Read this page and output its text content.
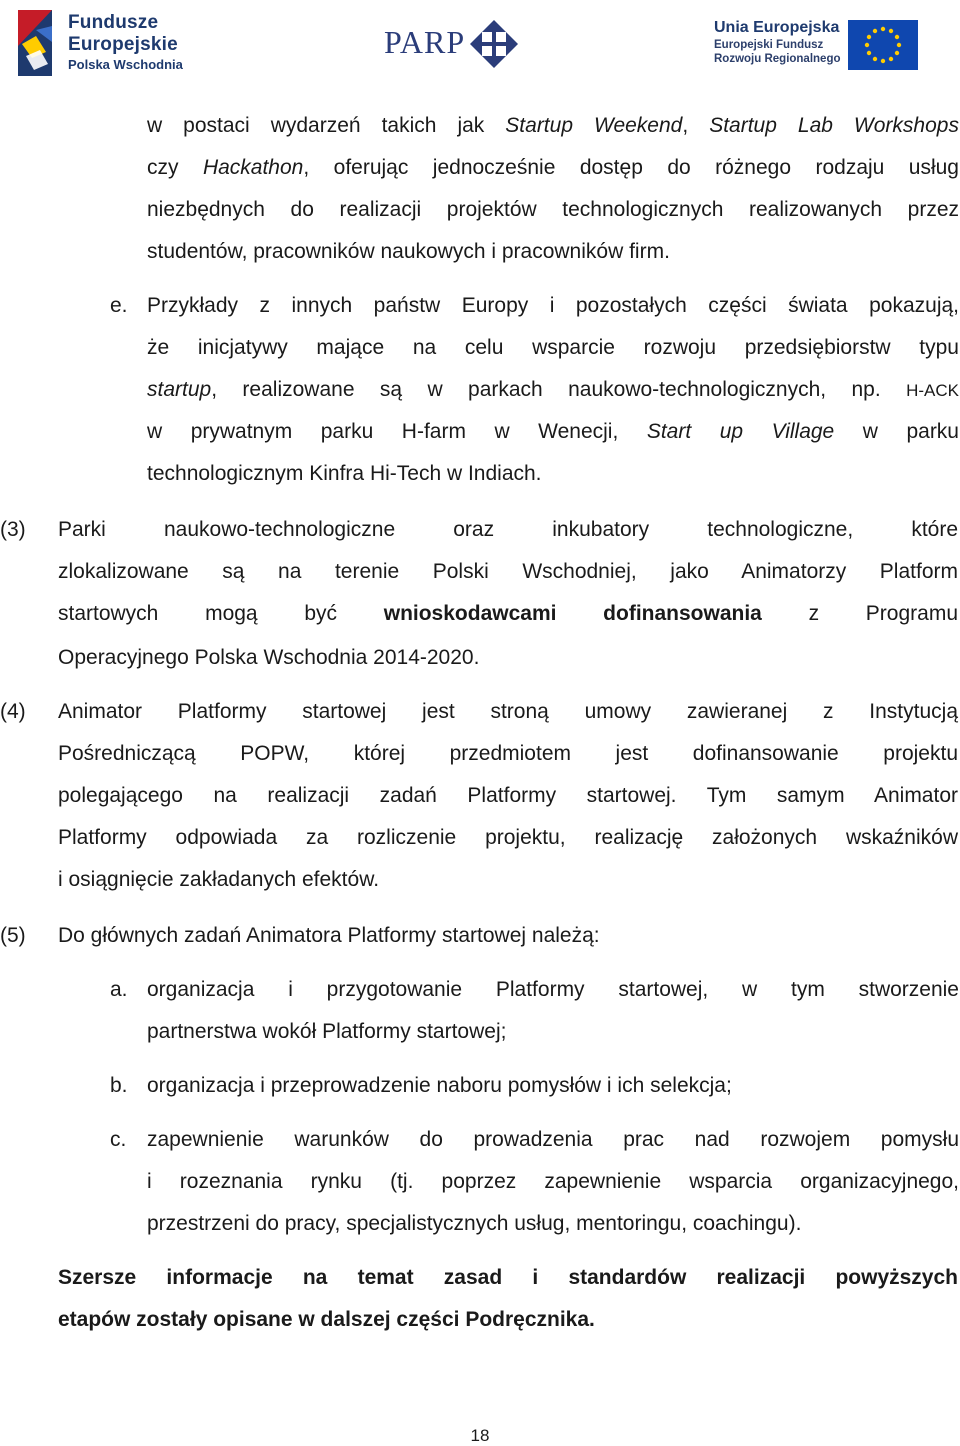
Fundusze
Europejskie
Polska Wschodnia
PARP	Unia Europejska
Europejski Fundusz
Rozwoju Regionalnego
w postaci wydarzeń takich jak Startup Weekend, Startup Lab Workshops
czy Hackathon, oferując jednocześnie dostęp do różnego rodzaju usług
niezbędnych do realizacji projektów technologicznych realizowanych przez
studentów, pracowników naukowych i pracowników firm.
e. Przykłady z innych państw Europy i pozostałych części świata pokazują,
że inicjatywy mające na celu wsparcie rozwoju przedsiębiorstw typu
startup, realizowane są w parkach naukowo-technologicznych, np. H-ACK
w prywatnym parku H-farm w Wenecji, Start up Village w parku
technologicznym Kinfra Hi-Tech w Indiach.
(3) Parki naukowo-technologiczne oraz inkubatory technologiczne, które
zlokalizowane są na terenie Polski Wschodniej, jako Animatorzy Platform
startowych mogą być wnioskodawcami dofinansowania z Programu
Operacyjnego Polska Wschodnia 2014-2020.
(4) Animator Platformy startowej jest stroną umowy zawieranej z Instytucją
Pośredniczącą POPW, której przedmiotem jest dofinansowanie projektu
polegającego na realizacji zadań Platformy startowej. Tym samym Animator
Platformy odpowiada za rozliczenie projektu, realizację założonych wskaźników
i osiągnięcie zakładanych efektów.
(5) Do głównych zadań Animatora Platformy startowej należą:
a. organizacja i przygotowanie Platformy startowej, w tym stworzenie
partnerstwa wokół Platformy startowej;
b. organizacja i przeprowadzenie naboru pomysłów i ich selekcja;
c. zapewnienie warunków do prowadzenia prac nad rozwojem pomysłu
i rozeznania rynku (tj. poprzez zapewnienie wsparcia organizacyjnego,
przestrzeni do pracy, specjalistycznych usług, mentoringu, coachingu).
Szersze informacje na temat zasad i standardów realizacji powyższych
etapów zostały opisane w dalszej części Podręcznika.
18
